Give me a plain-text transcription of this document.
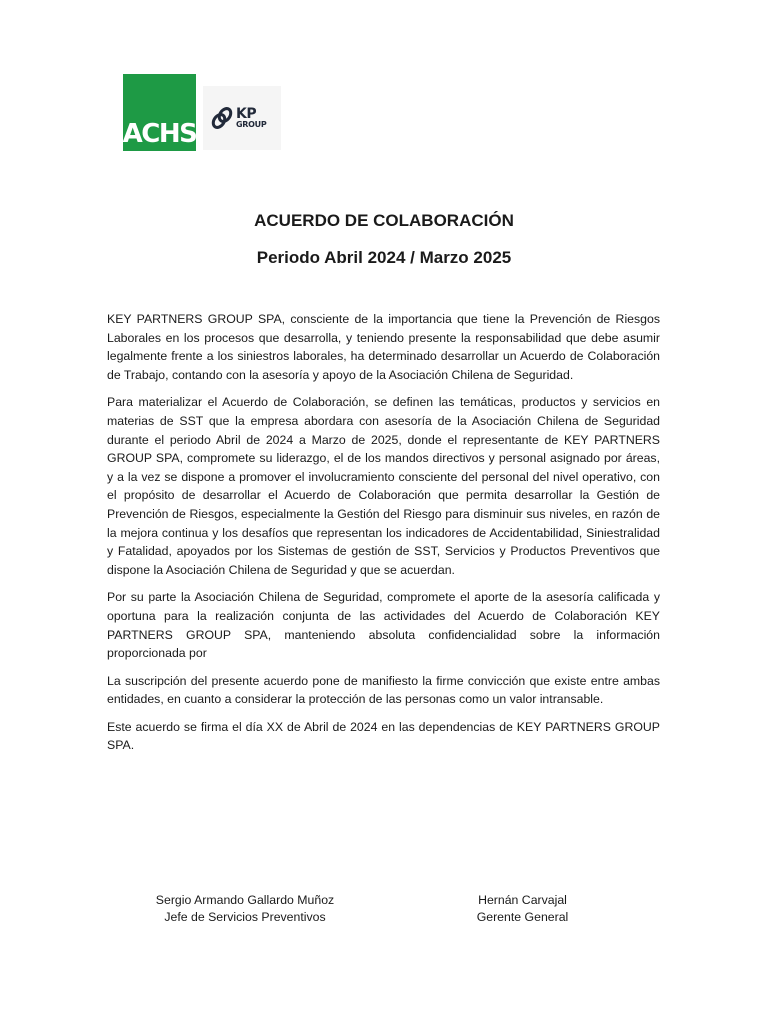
ACHS
KP
GROUP
ACUERDO DE COLABORACIÓN
Periodo Abril 2024 / Marzo 2025

KEY PARTNERS GROUP SPA, consciente de la importancia que tiene la Prevención de Riesgos Laborales en los procesos que desarrolla, y teniendo presente la responsabilidad que debe asumir legalmente frente a los siniestros laborales, ha determinado desarrollar un Acuerdo de Colaboración de Trabajo, contando con la asesoría y apoyo de la Asociación Chilena de Seguridad.

Para materializar el Acuerdo de Colaboración, se definen las temáticas, productos y servicios en materias de SST que la empresa abordara con asesoría de la Asociación Chilena de Seguridad durante el periodo Abril de 2024 a Marzo de 2025, donde el representante de KEY PARTNERS GROUP SPA, compromete su liderazgo, el de los mandos directivos y personal asignado por áreas, y a la vez se dispone a promover el involucramiento consciente del personal del nivel operativo, con el propósito de desarrollar el Acuerdo de Colaboración que permita desarrollar la Gestión de Prevención de Riesgos, especialmente la Gestión del Riesgo para disminuir sus niveles, en razón de la mejora continua y los desafíos que representan los indicadores de Accidentabilidad, Siniestralidad y Fatalidad, apoyados por los Sistemas de gestión de SST, Servicios y Productos Preventivos que dispone la Asociación Chilena de Seguridad y que se acuerdan.

Por su parte la Asociación Chilena de Seguridad, compromete el aporte de la asesoría calificada y oportuna para la realización conjunta de las actividades del Acuerdo de Colaboración KEY PARTNERS GROUP SPA, manteniendo absoluta confidencialidad sobre la información proporcionada por

La suscripción del presente acuerdo pone de manifiesto la firme convicción que existe entre ambas entidades, en cuanto a considerar la protección de las personas como un valor intransable.

Este acuerdo se firma el día XX de Abril de 2024 en las dependencias de KEY PARTNERS GROUP SPA.

Sergio Armando Gallardo Muñoz
Jefe de Servicios Preventivos
Hernán Carvajal
Gerente General
